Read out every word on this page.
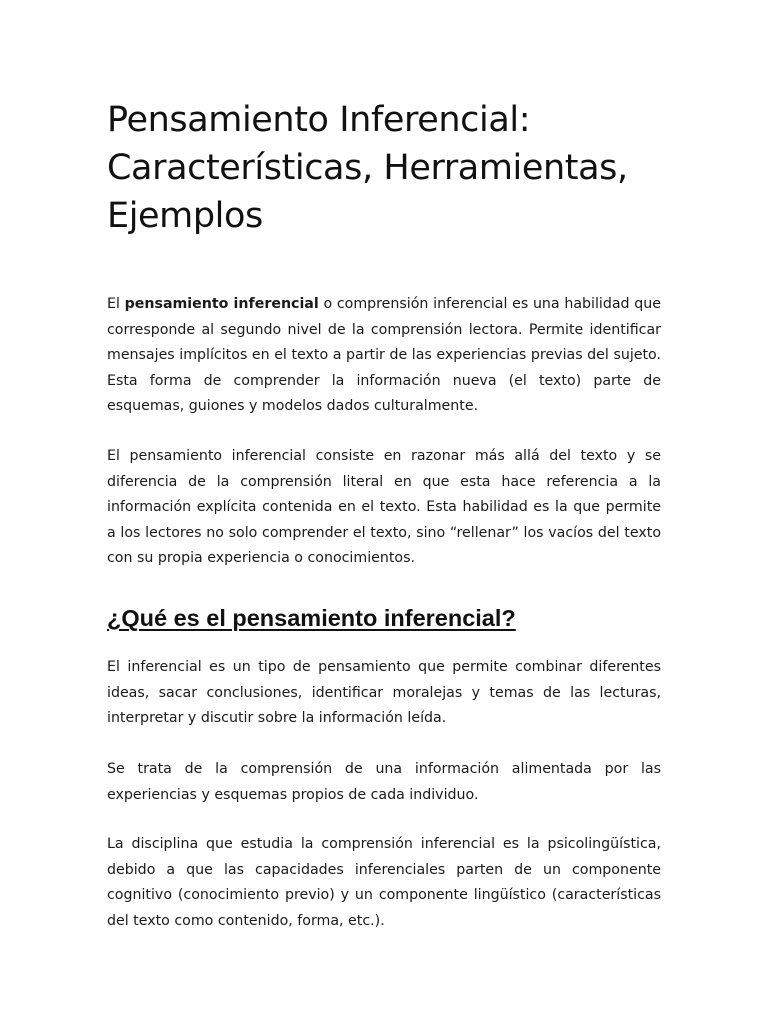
Pensamiento Inferencial: Características, Herramientas, Ejemplos

El pensamiento inferencial o comprensión inferencial es una habilidad que corresponde al segundo nivel de la comprensión lectora. Permite identificar mensajes implícitos en el texto a partir de las experiencias previas del sujeto. Esta forma de comprender la información nueva (el texto) parte de esquemas, guiones y modelos dados culturalmente.

El pensamiento inferencial consiste en razonar más allá del texto y se diferencia de la comprensión literal en que esta hace referencia a la información explícita contenida en el texto. Esta habilidad es la que permite a los lectores no solo comprender el texto, sino “rellenar” los vacíos del texto con su propia experiencia o conocimientos.

¿Qué es el pensamiento inferencial?

El inferencial es un tipo de pensamiento que permite combinar diferentes ideas, sacar conclusiones, identificar moralejas y temas de las lecturas, interpretar y discutir sobre la información leída.

Se trata de la comprensión de una información alimentada por las experiencias y esquemas propios de cada individuo.

La disciplina que estudia la comprensión inferencial es la psicolingüística, debido a que las capacidades inferenciales parten de un componente cognitivo (conocimiento previo) y un componente lingüístico (características del texto como contenido, forma, etc.).
